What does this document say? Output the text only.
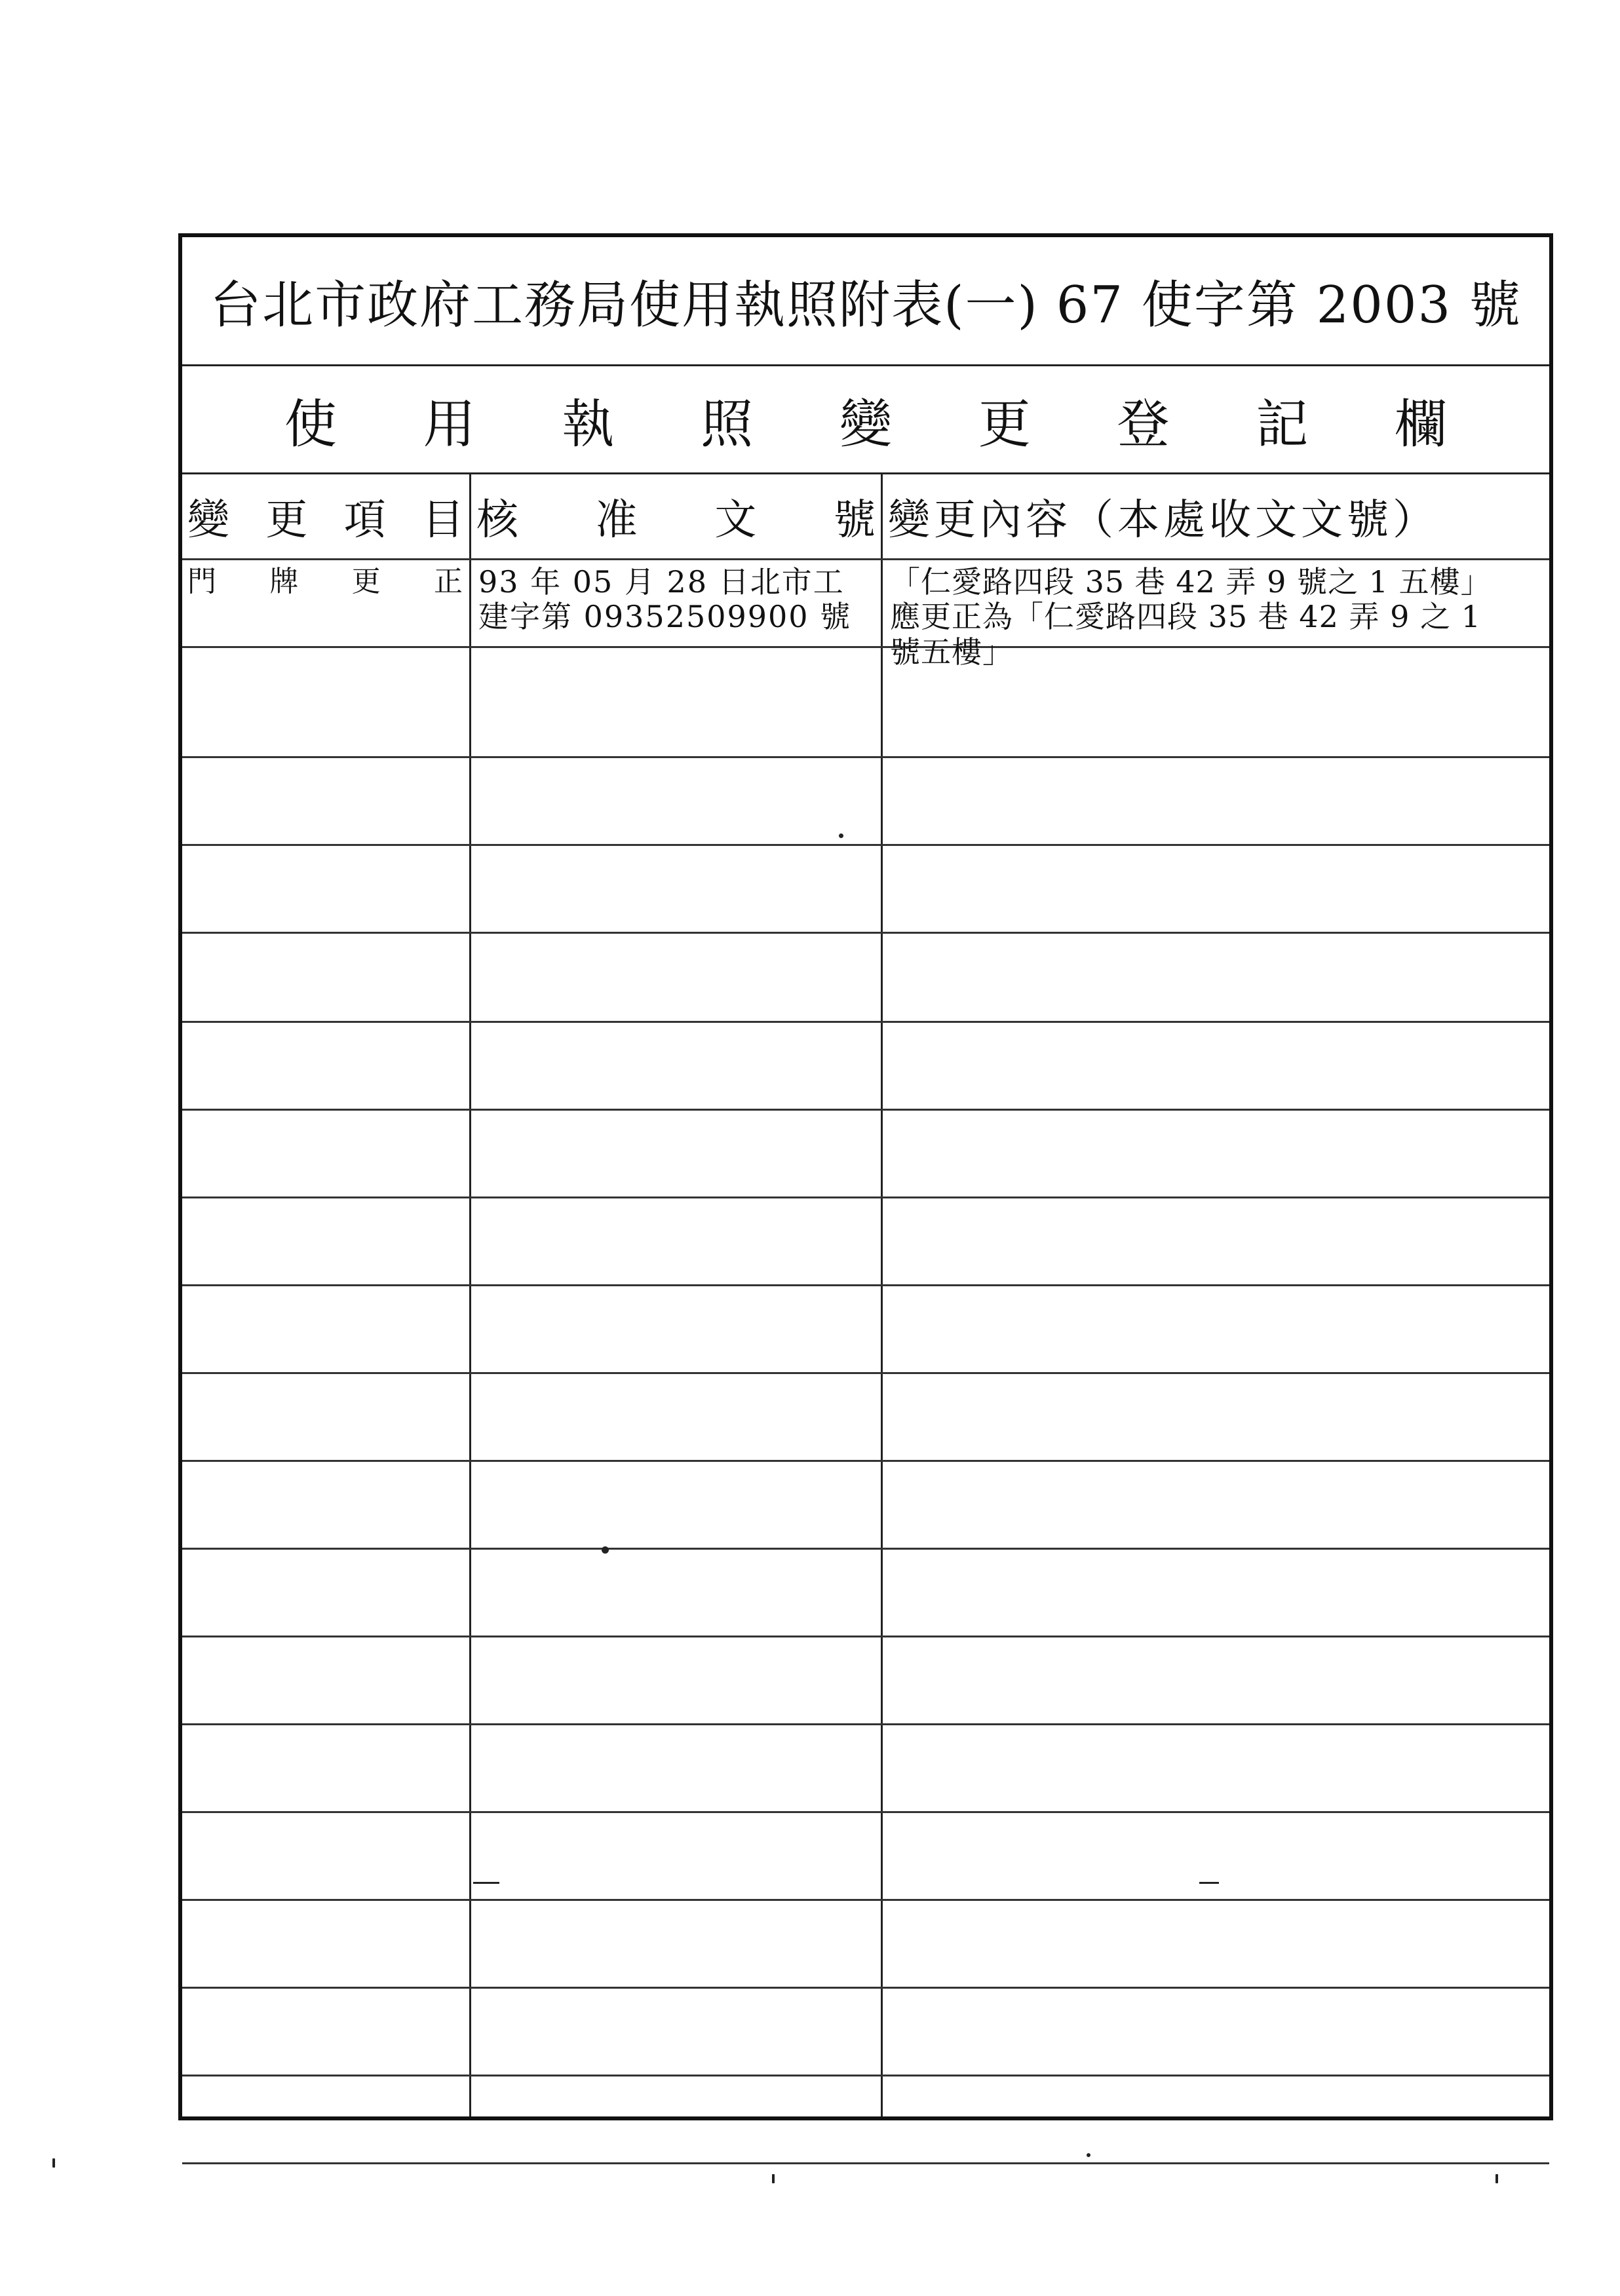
台北市政府工務局使用執照附表(一) 67 使字第 2003 號
使 用 執 照 變 更 登 記 欄
變 更 項 目 核 准 文 號 變更內容（本處收文文號）
門 牌 更 正 93 年 05 月 28 日北市工
建字第 09352509900 號
「仁愛路四段 35 巷 42 弄 9 號之 1 五樓」
應更正為「仁愛路四段 35 巷 42 弄 9 之 1
號五樓」
